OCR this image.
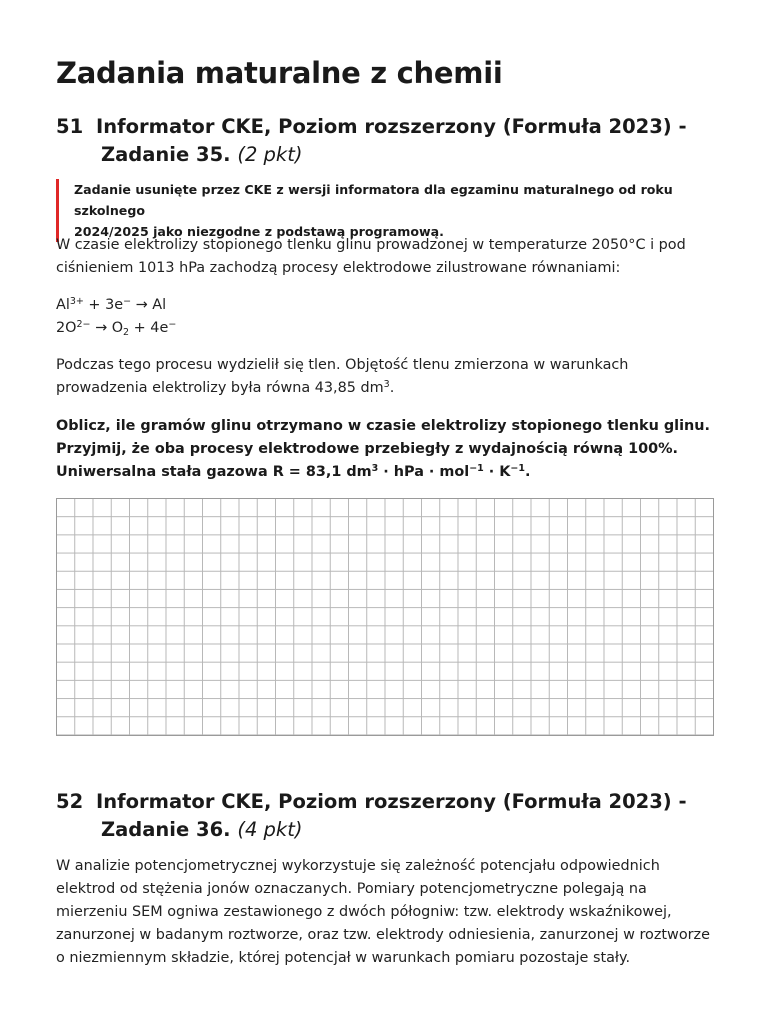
Zadania maturalne z chemii
51 Informator CKE, Poziom rozszerzony (Formuła 2023) -
Zadanie 35. (2 pkt)
Zadanie usunięte przez CKE z wersji informatora dla egzaminu maturalnego od roku szkolnego
2024/2025 jako niezgodne z podstawą programową.
W czasie elektrolizy stopionego tlenku glinu prowadzonej w temperaturze 2050°C i pod
ciśnieniem 1013 hPa zachodzą procesy elektrodowe zilustrowane równaniami:
$Al^{3+} + 3e^- \to Al$
$2O^{2-} \to O_2 + 4e^-$
Podczas tego procesu wydzielił się tlen. Objętość tlenu zmierzona w warunkach
prowadzenia elektrolizy była równa 43,85 $dm^3$.
Oblicz, ile gramów glinu otrzymano w czasie elektrolizy stopionego tlenku glinu.
Przyjmij, że oba procesy elektrodowe przebiegły z wydajnością równą 100%.
Uniwersalna stała gazowa R = 83,1 $dm^3$ · hPa · $mol^{-1} \cdot K^{-1}$.
52 Informator CKE, Poziom rozszerzony (Formuła 2023) -
Zadanie 36. (4 pkt)
W analizie potencjometrycznej wykorzystuje się zależność potencjału odpowiednich
elektrod od stężenia jonów oznaczanych. Pomiary potencjometryczne polegają na
mierzeniu SEM ogniwa zestawionego z dwóch półogniw: tzw. elektrody wskaźnikowej,
zanurzonej w badanym roztworze, oraz tzw. elektrody odniesienia, zanurzonej w roztworze
o niezmiennym składzie, której potencjał w warunkach pomiaru pozostaje stały.
